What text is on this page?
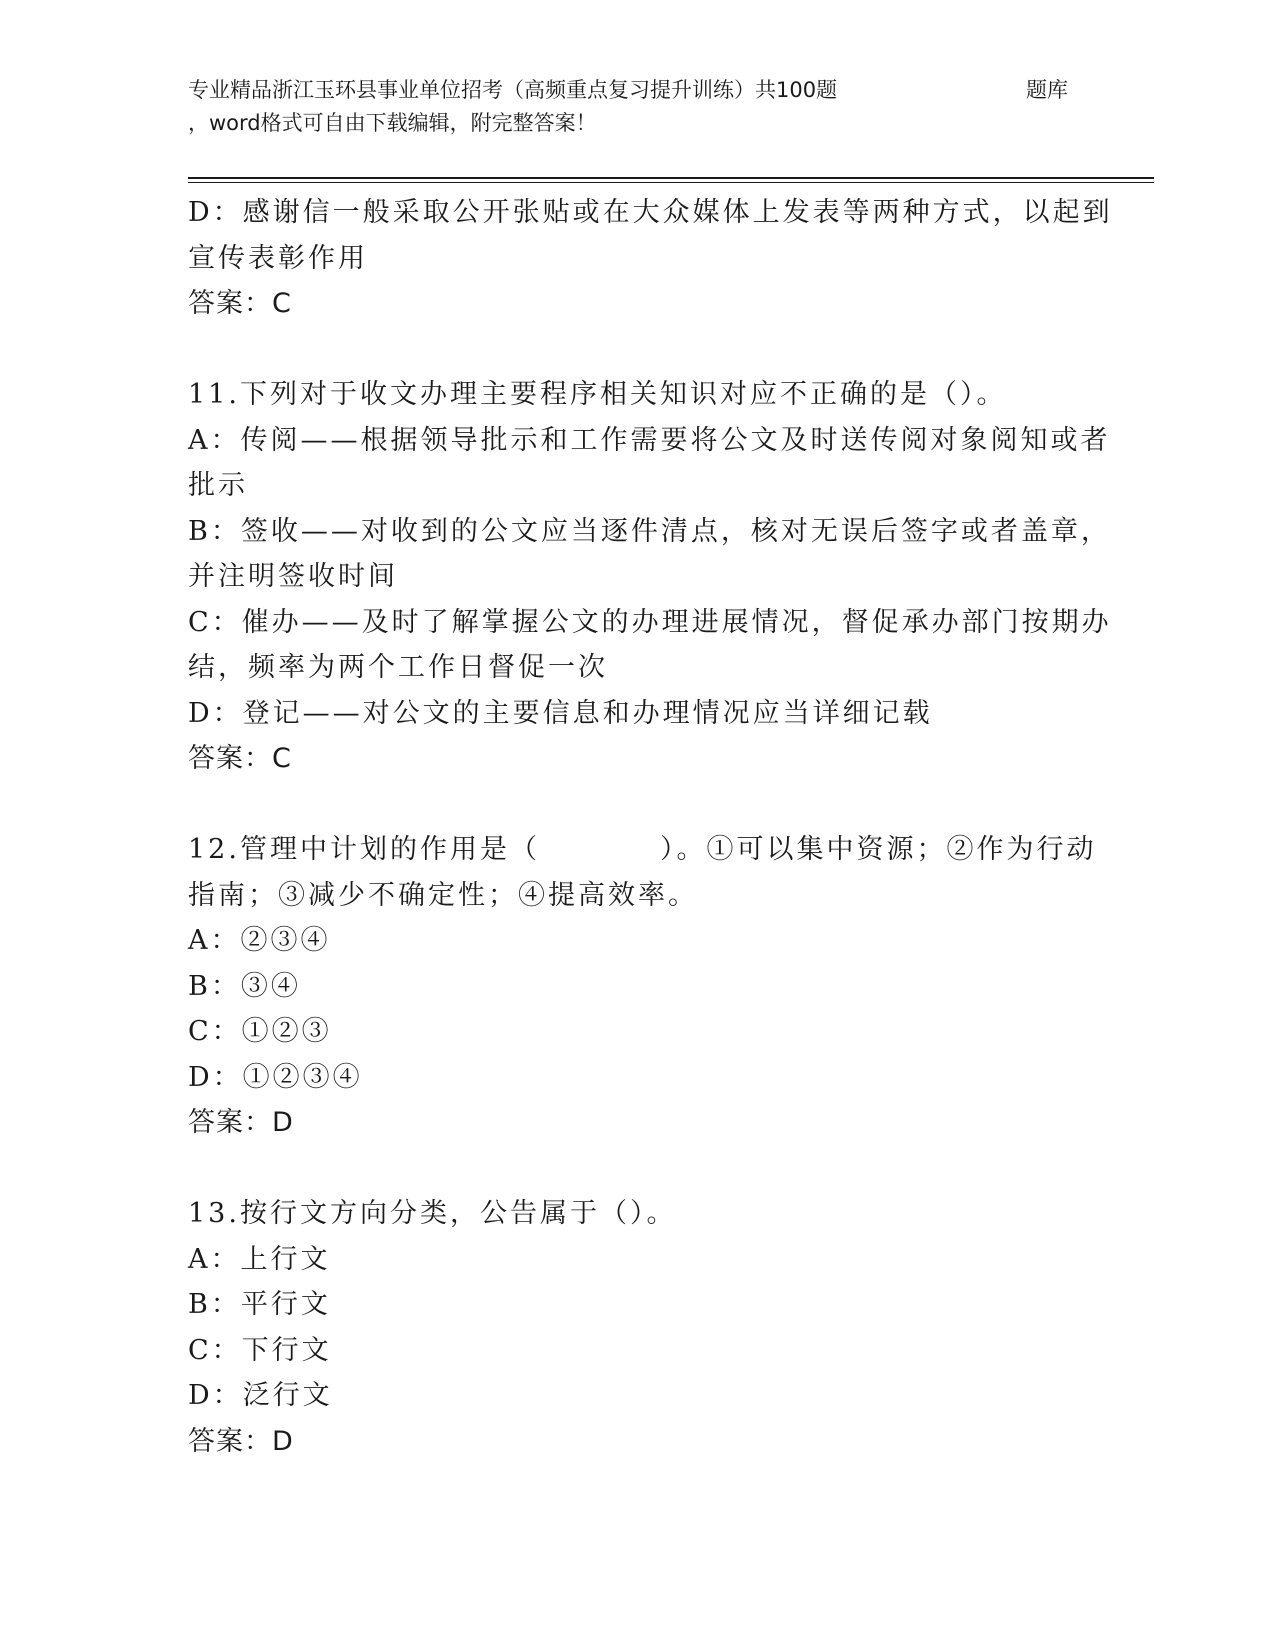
专业精品浙江玉环县事业单位招考（高频重点复习提升训练）共100题	题库
，word格式可自由下载编辑，附完整答案！
D：感谢信一般采取公开张贴或在大众媒体上发表等两种方式，以起到
宣传表彰作用
答案：C
11.下列对于收文办理主要程序相关知识对应不正确的是（）。
A：传阅——根据领导批示和工作需要将公文及时送传阅对象阅知或者
批示
B：签收——对收到的公文应当逐件清点，核对无误后签字或者盖章，
并注明签收时间
C：催办——及时了解掌握公文的办理进展情况，督促承办部门按期办
结，频率为两个工作日督促一次
D：登记——对公文的主要信息和办理情况应当详细记载
答案：C
12.管理中计划的作用是（　　　　）。①可以集中资源；②作为行动
指南；③减少不确定性；④提高效率。
A：②③④
B：③④
C：①②③
D：①②③④
答案：D
13.按行文方向分类，公告属于（）。
A：上行文
B：平行文
C：下行文
D：泛行文
答案：D
